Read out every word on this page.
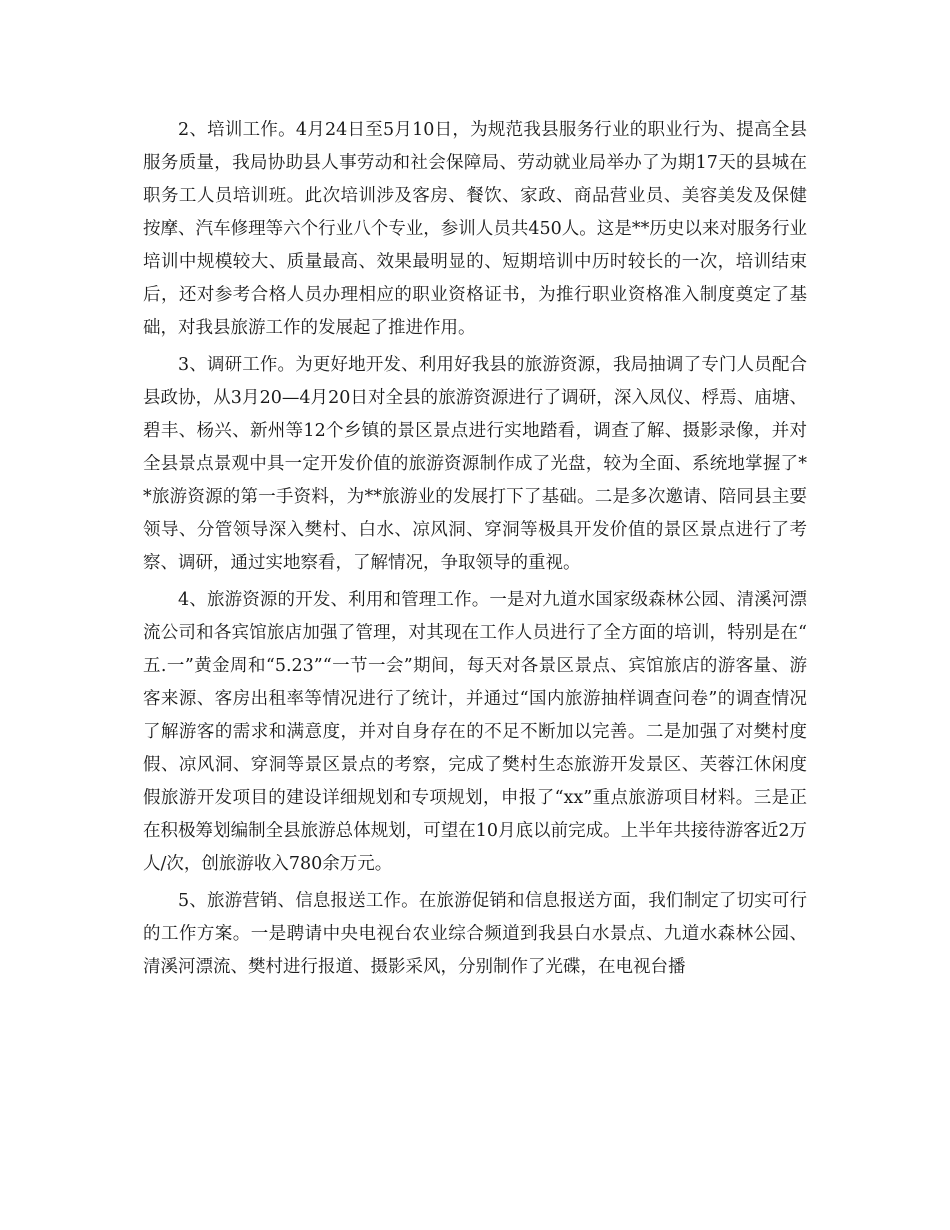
2、培训工作。4月24日至5月10日，为规范我县服务行业的职业行为、提高全县服务质量，我局协助县人事劳动和社会保障局、劳动就业局举办了为期17天的县城在职务工人员培训班。此次培训涉及客房、餐饮、家政、商品营业员、美容美发及保健按摩、汽车修理等六个行业八个专业，参训人员共450人。这是**历史以来对服务行业培训中规模较大、质量最高、效果最明显的、短期培训中历时较长的一次，培训结束后，还对参考合格人员办理相应的职业资格证书，为推行职业资格准入制度奠定了基础，对我县旅游工作的发展起了推进作用。

3、调研工作。为更好地开发、利用好我县的旅游资源，我局抽调了专门人员配合县政协，从3月20—4月20日对全县的旅游资源进行了调研，深入凤仪、桴焉、庙塘、碧丰、杨兴、新州等12个乡镇的景区景点进行实地踏看，调查了解、摄影录像，并对全县景点景观中具一定开发价值的旅游资源制作成了光盘，较为全面、系统地掌握了**旅游资源的第一手资料，为**旅游业的发展打下了基础。二是多次邀请、陪同县主要领导、分管领导深入樊村、白水、凉风洞、穿洞等极具开发价值的景区景点进行了考察、调研，通过实地察看，了解情况，争取领导的重视。

4、旅游资源的开发、利用和管理工作。一是对九道水国家级森林公园、清溪河漂流公司和各宾馆旅店加强了管理，对其现在工作人员进行了全方面的培训，特别是在“五.一”黄金周和“5.23”“一节一会”期间，每天对各景区景点、宾馆旅店的游客量、游客来源、客房出租率等情况进行了统计，并通过“国内旅游抽样调查问卷”的调查情况了解游客的需求和满意度，并对自身存在的不足不断加以完善。二是加强了对樊村度假、凉风洞、穿洞等景区景点的考察，完成了樊村生态旅游开发景区、芙蓉江休闲度假旅游开发项目的建设详细规划和专项规划，申报了“xx”重点旅游项目材料。三是正在积极筹划编制全县旅游总体规划，可望在10月底以前完成。上半年共接待游客近2万人/次，创旅游收入780余万元。

5、旅游营销、信息报送工作。在旅游促销和信息报送方面，我们制定了切实可行的工作方案。一是聘请中央电视台农业综合频道到我县白水景点、九道水森林公园、清溪河漂流、樊村进行报道、摄影采风，分别制作了光碟，在电视台播
